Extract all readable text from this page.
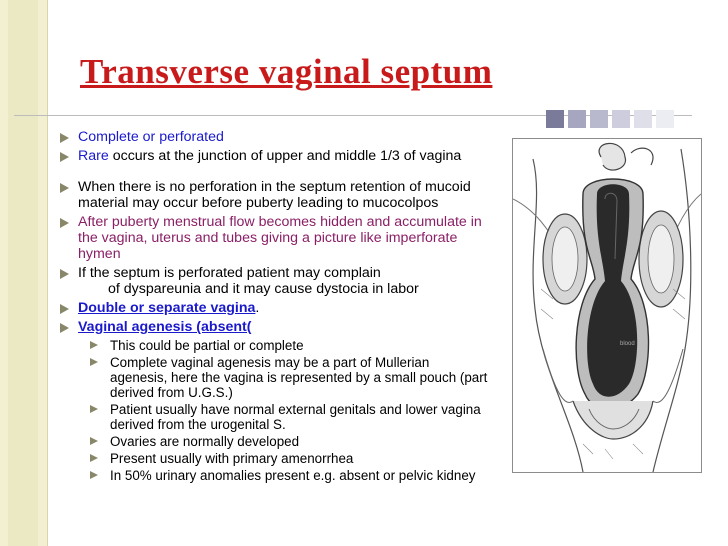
Transverse vaginal septum
Complete or perforated
Rare occurs at the junction of upper and middle 1/3 of vagina
When there is no perforation in the septum retention of mucoid material may occur before puberty leading to mucocolpos
After puberty menstrual flow becomes hidden and accumulate in the vagina, uterus and tubes giving a picture like imperforate hymen
If the septum is perforated patient may complain
of dyspareunia and it may cause dystocia in labor
Double or separate vagina.
Vaginal agenesis (absent(
This could be partial or complete
Complete vaginal agenesis may be a part of Mullerian agenesis, here the vagina is represented by a small pouch (part derived from U.G.S.)
Patient usually have normal external genitals and lower vagina derived from the urogenital S.
Ovaries are normally developed
Present usually with primary amenorrhea
In 50% urinary anomalies present e.g. absent or pelvic kidney
blood
